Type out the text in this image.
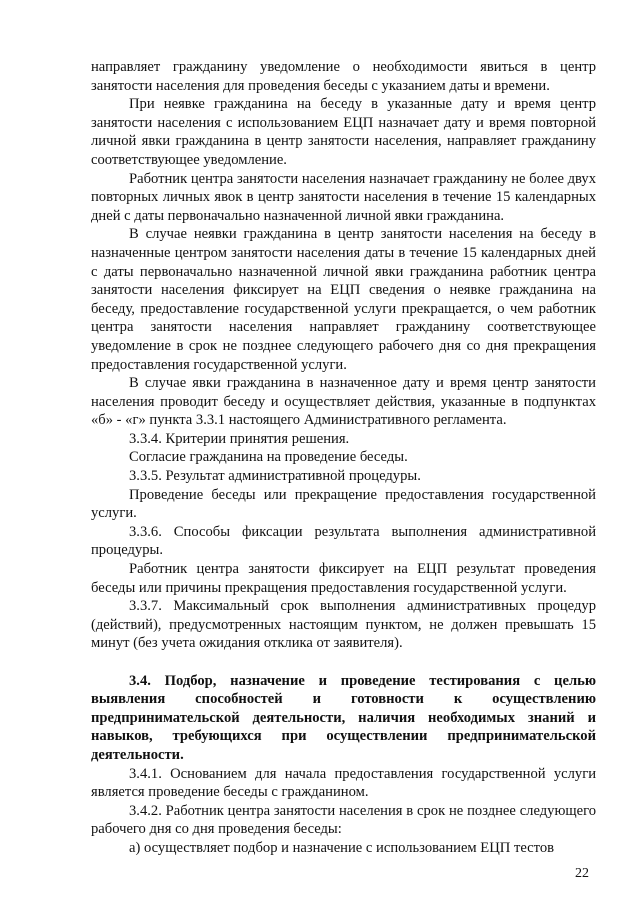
направляет гражданину уведомление о необходимости явиться в центр занятости населения для проведения беседы с указанием даты и времени.

При неявке гражданина на беседу в указанные дату и время центр занятости населения с использованием ЕЦП назначает дату и время повторной личной явки гражданина в центр занятости населения, направляет гражданину соответствующее уведомление.

Работник центра занятости населения назначает гражданину не более двух повторных личных явок в центр занятости населения в течение 15 календарных дней с даты первоначально назначенной личной явки гражданина.

В случае неявки гражданина в центр занятости населения на беседу в назначенные центром занятости населения даты в течение 15 календарных дней с даты первоначально назначенной личной явки гражданина работник центра занятости населения фиксирует на ЕЦП сведения о неявке гражданина на беседу, предоставление государственной услуги прекращается, о чем работник центра занятости населения направляет гражданину соответствующее уведомление в срок не позднее следующего рабочего дня со дня прекращения предоставления государственной услуги.

В случае явки гражданина в назначенное дату и время центр занятости населения проводит беседу и осуществляет действия, указанные в подпунктах «б» - «г» пункта 3.3.1 настоящего Административного регламента.

3.3.4. Критерии принятия решения.

Согласие гражданина на проведение беседы.

3.3.5. Результат административной процедуры.

Проведение беседы или прекращение предоставления государственной услуги.

3.3.6. Способы фиксации результата выполнения административной процедуры.

Работник центра занятости фиксирует на ЕЦП результат проведения беседы или причины прекращения предоставления государственной услуги.

3.3.7. Максимальный срок выполнения административных процедур (действий), предусмотренных настоящим пунктом, не должен превышать 15 минут (без учета ожидания отклика от заявителя).

3.4. Подбор, назначение и проведение тестирования с целью выявления способностей и готовности к осуществлению предпринимательской деятельности, наличия необходимых знаний и навыков, требующихся при осуществлении предпринимательской деятельности.

3.4.1. Основанием для начала предоставления государственной услуги является проведение беседы с гражданином.

3.4.2. Работник центра занятости населения в срок не позднее следующего рабочего дня со дня проведения беседы:

а) осуществляет подбор и назначение с использованием ЕЦП тестов

22
